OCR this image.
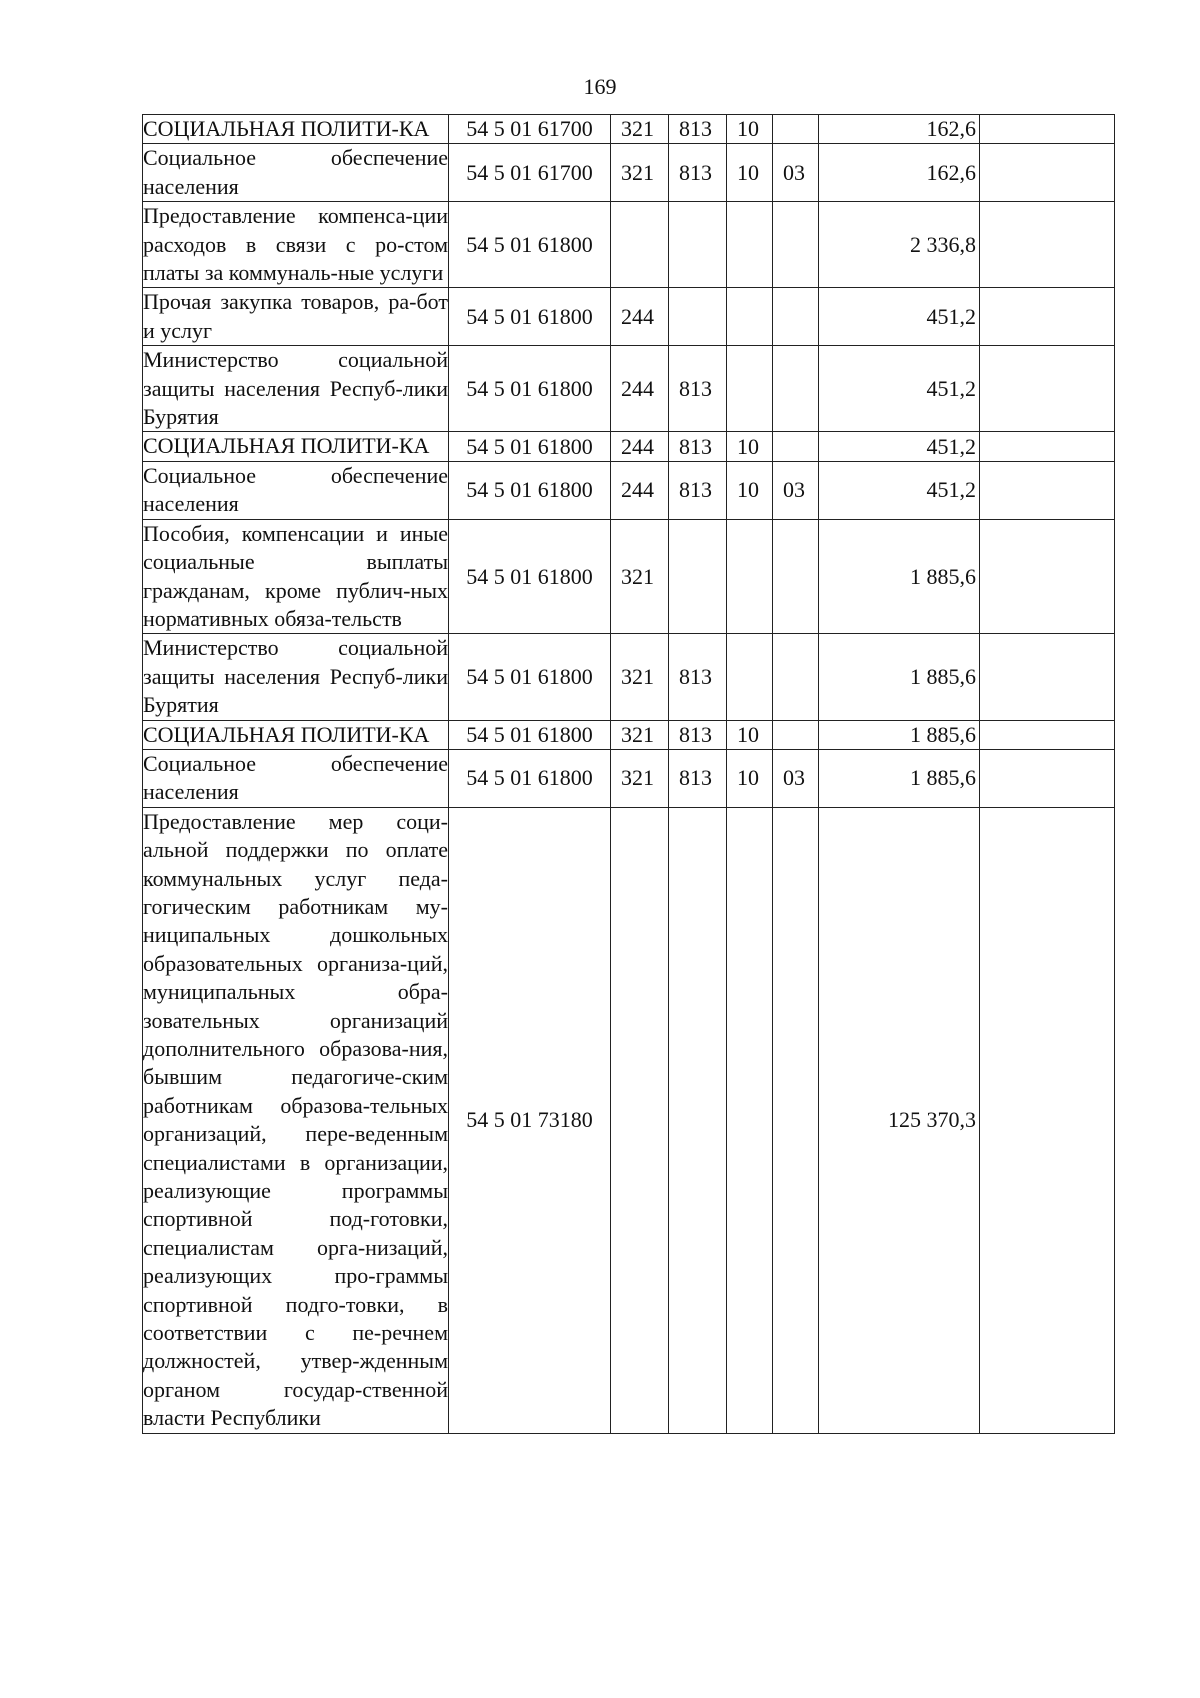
169
СОЦИАЛЬНАЯ ПОЛИТИ-КА	54 5 01 61700	321	813	10		162,6	
Социальное обеспечение населения	54 5 01 61700	321	813	10	03	162,6	
Предоставление компенса-ции расходов в связи с ро-стом платы за коммуналь-ные услуги	54 5 01 61800					2 336,8	
Прочая закупка товаров, ра-бот и услуг	54 5 01 61800	244				451,2	
Министерство социальной защиты населения Респуб-лики Бурятия	54 5 01 61800	244	813			451,2	
СОЦИАЛЬНАЯ ПОЛИТИ-КА	54 5 01 61800	244	813	10		451,2	
Социальное обеспечение населения	54 5 01 61800	244	813	10	03	451,2	
Пособия, компенсации и иные социальные выплаты гражданам, кроме публич-ных нормативных обяза-тельств	54 5 01 61800	321				1 885,6	
Министерство социальной защиты населения Респуб-лики Бурятия	54 5 01 61800	321	813			1 885,6	
СОЦИАЛЬНАЯ ПОЛИТИ-КА	54 5 01 61800	321	813	10		1 885,6	
Социальное обеспечение населения	54 5 01 61800	321	813	10	03	1 885,6	
Предоставление мер соци-альной поддержки по оплате коммунальных услуг педа-гогическим работникам му-ниципальных дошкольных образовательных организа-ций, муниципальных обра-зовательных организаций дополнительного образова-ния, бывшим педагогиче-ским работникам образова-тельных организаций, пере-веденным специалистами в организации, реализующие программы спортивной под-готовки, специалистам орга-низаций, реализующих про-граммы спортивной подго-товки, в соответствии с пе-речнем должностей, утвер-жденным органом государ-ственной власти Республики	54 5 01 73180					125 370,3	
